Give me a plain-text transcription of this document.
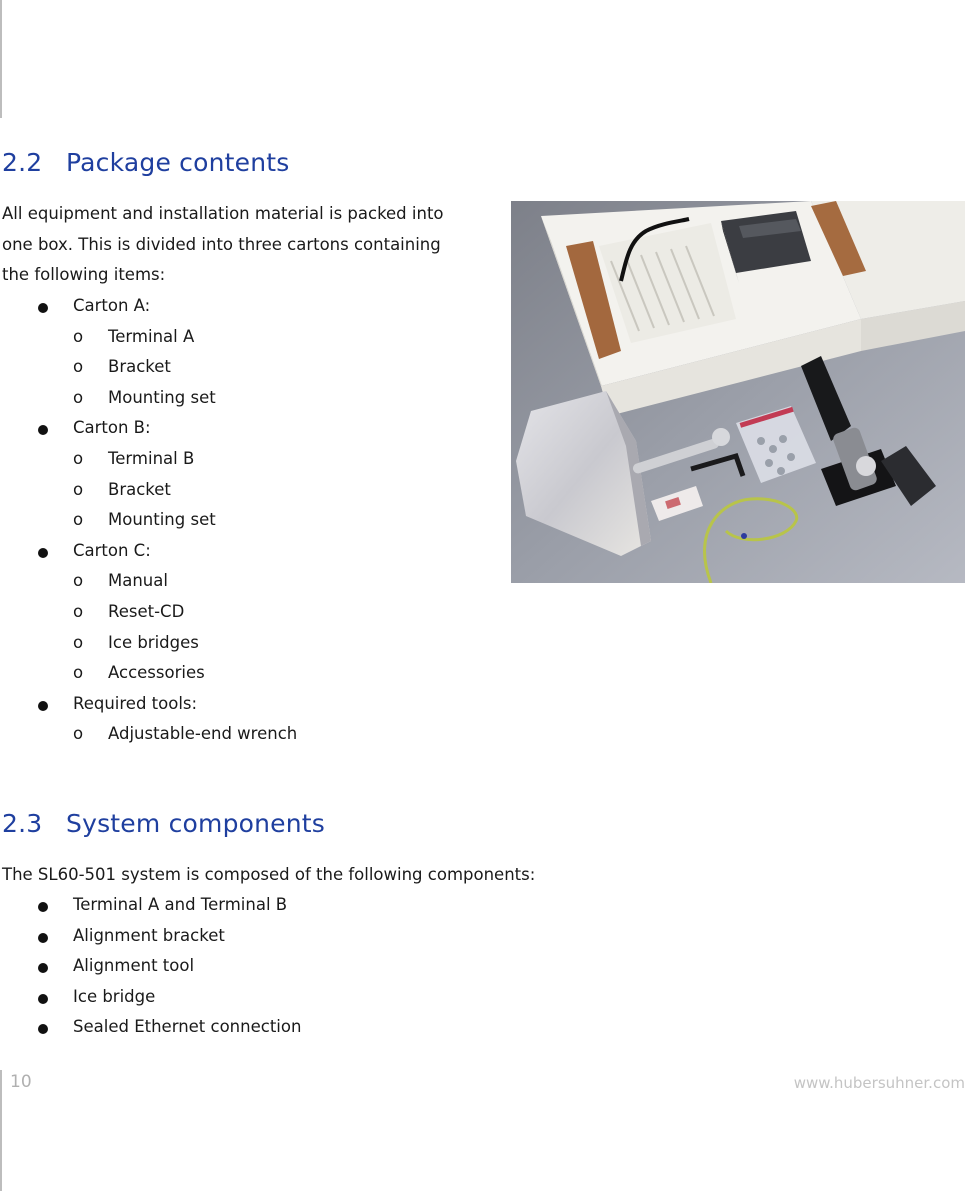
2.2 Package contents

All equipment and installation material is packed into one box. This is divided into three cartons containing the following items:

Carton A:
o Terminal A
o Bracket
o Mounting set
Carton B:
o Terminal B
o Bracket
o Mounting set
Carton C:
o Manual
o Reset-CD
o Ice bridges
o Accessories
Required tools:
o Adjustable-end wrench
2.3 System components

The SL60-501 system is composed of the following components:

Terminal A and Terminal B
Alignment bracket
Alignment tool
Ice bridge
Sealed Ethernet connection
10	www.hubersuhner.com
